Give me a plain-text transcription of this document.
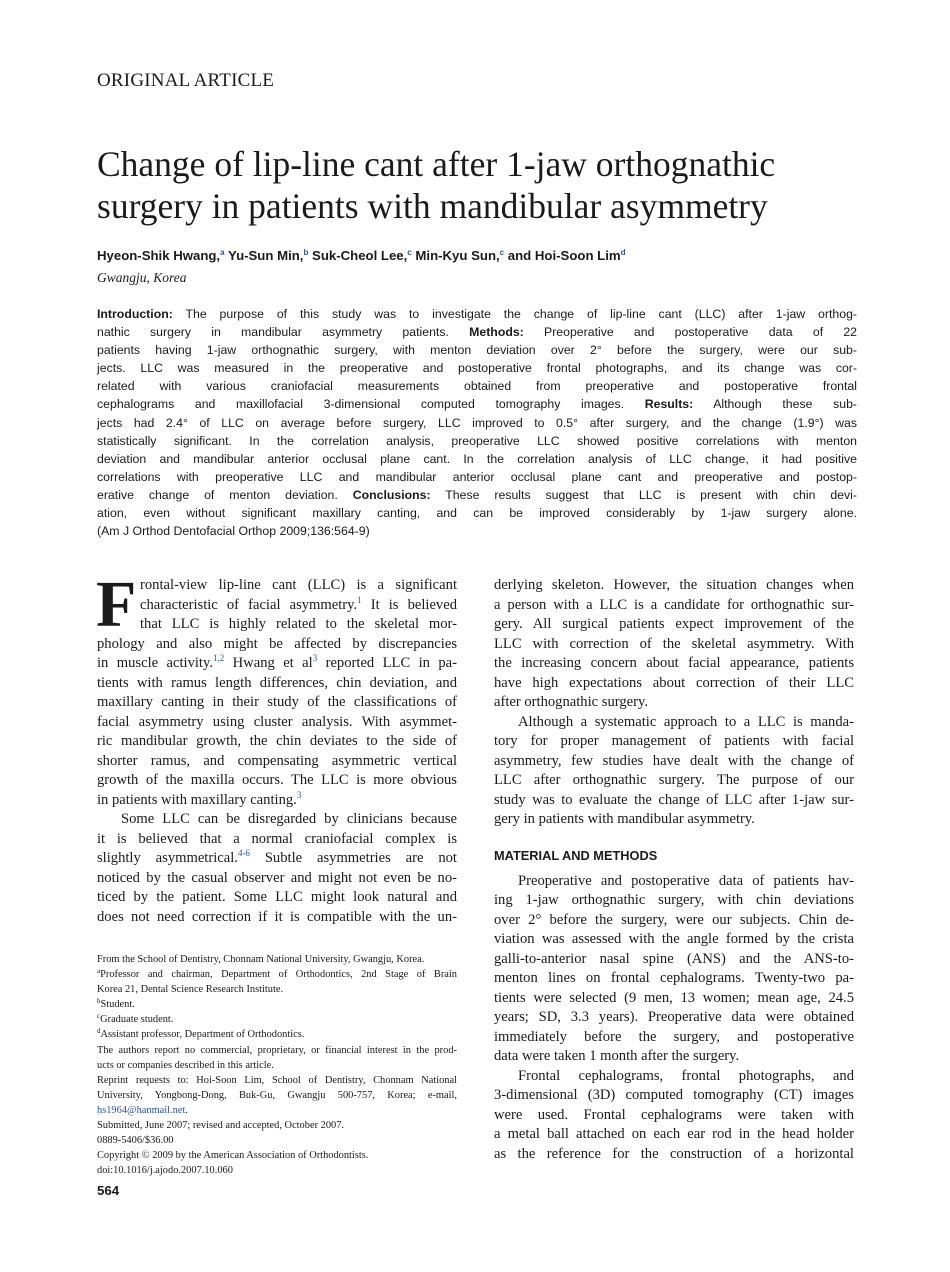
ORIGINAL ARTICLE
Change of lip-line cant after 1-jaw orthognathic
surgery in patients with mandibular asymmetry
Hyeon-Shik Hwang,$^a$ Yu-Sun Min,$^b$ Suk-Cheol Lee,$^c$ Min-Kyu Sun,$^c$ and Hoi-Soon Lim$^d$
Gwangju, Korea
Introduction: The purpose of this study was to investigate the change of lip-line cant (LLC) after 1-jaw orthog-
nathic surgery in mandibular asymmetry patients. Methods: Preoperative and postoperative data of 22
patients having 1-jaw orthognathic surgery, with menton deviation over 2° before the surgery, were our sub-
jects. LLC was measured in the preoperative and postoperative frontal photographs, and its change was cor-
related with various craniofacial measurements obtained from preoperative and postoperative frontal
cephalograms and maxillofacial 3-dimensional computed tomography images. Results: Although these sub-
jects had 2.4° of LLC on average before surgery, LLC improved to 0.5° after surgery, and the change (1.9°) was
statistically significant. In the correlation analysis, preoperative LLC showed positive correlations with menton
deviation and mandibular anterior occlusal plane cant. In the correlation analysis of LLC change, it had positive
correlations with preoperative LLC and mandibular anterior occlusal plane cant and preoperative and postop-
erative change of menton deviation. Conclusions: These results suggest that LLC is present with chin devi-
ation, even without significant maxillary canting, and can be improved considerably by 1-jaw surgery alone.
(Am J Orthod Dentofacial Orthop 2009;136:564-9)
F rontal-view lip-line cant (LLC) is a significant
characteristic of facial asymmetry.$^1$ It is believed
that LLC is highly related to the skeletal mor-
phology and also might be affected by discrepancies
in muscle activity.$^{1,2}$ Hwang et $al^3$ reported LLC in pa-
tients with ramus length differences, chin deviation, and
maxillary canting in their study of the classifications of
facial asymmetry using cluster analysis. With asymmet-
ric mandibular growth, the chin deviates to the side of
shorter ramus, and compensating asymmetric vertical
growth of the maxilla occurs. The LLC is more obvious
in patients with maxillary canting.$^3$
Some LLC can be disregarded by clinicians because
it is believed that a normal craniofacial complex is
slightly asymmetrical.$^{4-6}$ Subtle asymmetries are not
noticed by the casual observer and might not even be no-
ticed by the patient. Some LLC might look natural and
does not need correction if it is compatible with the un-
derlying skeleton. However, the situation changes when
a person with a LLC is a candidate for orthognathic sur-
gery. All surgical patients expect improvement of the
LLC with correction of the skeletal asymmetry. With
the increasing concern about facial appearance, patients
have high expectations about correction of their LLC
after orthognathic surgery.
Although a systematic approach to a LLC is manda-
tory for proper management of patients with facial
asymmetry, few studies have dealt with the change of
LLC after orthognathic surgery. The purpose of our
study was to evaluate the change of LLC after 1-jaw sur-
gery in patients with mandibular asymmetry.
MATERIAL AND METHODS
Preoperative and postoperative data of patients hav-
ing 1-jaw orthognathic surgery, with chin deviations
over 2° before the surgery, were our subjects. Chin de-
viation was assessed with the angle formed by the crista
galli-to-anterior nasal spine (ANS) and the ANS-to-
menton lines on frontal cephalograms. Twenty-two pa-
tients were selected (9 men, 13 women; mean age, 24.5
years; SD, 3.3 years). Preoperative data were obtained
immediately before the surgery, and postoperative
data were taken 1 month after the surgery.
Frontal cephalograms, frontal photographs, and
3-dimensional (3D) computed tomography (CT) images
were used. Frontal cephalograms were taken with
a metal ball attached on each ear rod in the head holder
as the reference for the construction of a horizontal
From the School of Dentistry, Chonnam National University, Gwangju, Korea.
$^a$Professor and chairman, Department of Orthodontics, 2nd Stage of Brain
Korea 21, Dental Science Research Institute.
$^b$Student.
$^c$Graduate student.
$^d$Assistant professor, Department of Orthodontics.
The authors report no commercial, proprietary, or financial interest in the prod-
ucts or companies described in this article.
Reprint requests to: Hoi-Soon Lim, School of Dentistry, Chonnam National
University, Yongbong-Dong, Buk-Gu, Gwangju 500-757, Korea; e-mail,
hs1964@hanmail.net.
Submitted, June 2007; revised and accepted, October 2007.
0889-5406/$36.00
Copyright © 2009 by the American Association of Orthodontists.
doi:10.1016/j.ajodo.2007.10.060
564
